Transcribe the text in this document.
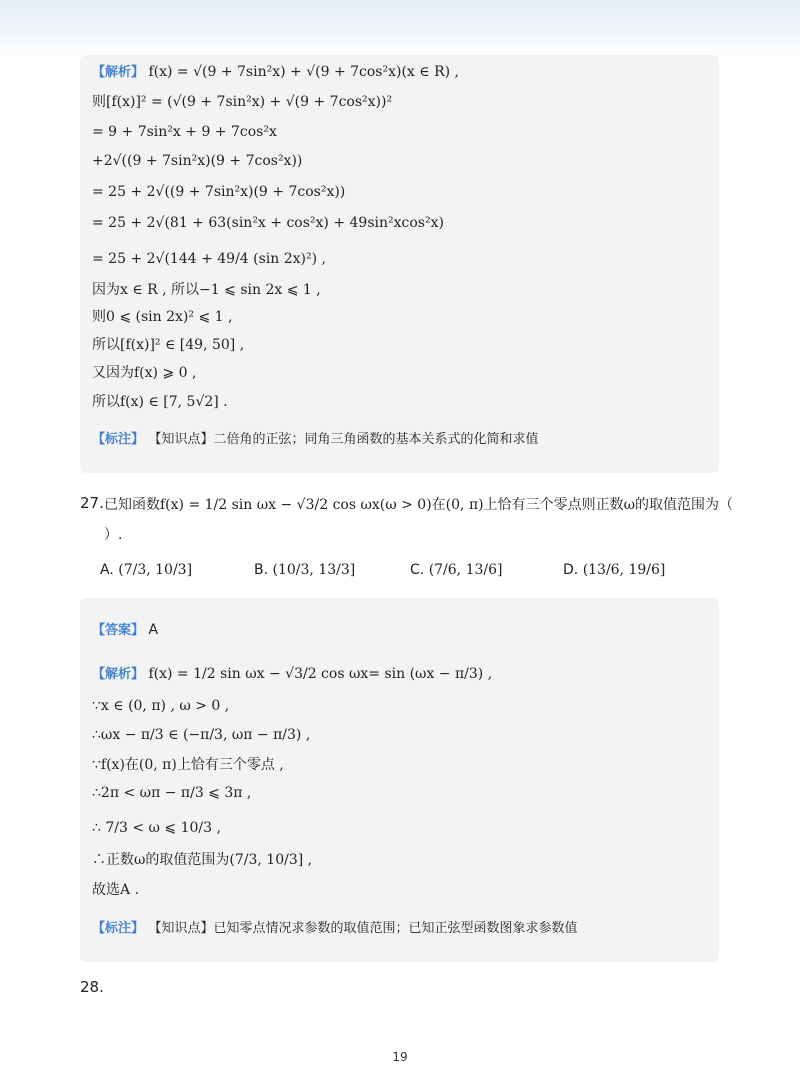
【解析】 f(x) = √(9 + 7sin²x) + √(9 + 7cos²x)(x ∈ R) ,
则[f(x)]² = (√(9 + 7sin²x) + √(9 + 7cos²x))²
= 9 + 7sin²x + 9 + 7cos²x
+2√((9 + 7sin²x)(9 + 7cos²x))
= 25 + 2√((9 + 7sin²x)(9 + 7cos²x))
= 25 + 2√(81 + 63(sin²x + cos²x) + 49sin²xcos²x)
= 25 + 2√(144 + 49/4 (sin 2x)²) ,
因为x ∈ R , 所以−1 ⩽ sin 2x ⩽ 1 ,
则0 ⩽ (sin 2x)² ⩽ 1 ,
所以[f(x)]² ∈ [49, 50] ,
又因为f(x) ⩾ 0 ,
所以f(x) ∈ [7, 5√2] .
【标注】 【知识点】二倍角的正弦；同角三角函数的基本关系式的化简和求值
27. 已知函数f(x) = 1/2 sin ωx − √3/2 cos ωx(ω > 0)在(0, π)上恰有三个零点则正数ω的取值范围为（
）.
A. (7/3, 10/3]	B. (10/3, 13/3]	C. (7/6, 13/6]	D. (13/6, 19/6]
【答案】 A
【解析】 f(x) = 1/2 sin ωx − √3/2 cos ωx= sin (ωx − π/3) ,
∵x ∈ (0, π) , ω > 0 ,
∴ωx − π/3 ∈ (−π/3, ωπ − π/3) ,
∵f(x)在(0, π)上恰有三个零点 ,
∴2π < ωπ − π/3 ⩽ 3π ,
∴ 7/3 < ω ⩽ 10/3 ,
∴正数ω的取值范围为(7/3, 10/3] ,
故选A .
【标注】 【知识点】已知零点情况求参数的取值范围；已知正弦型函数图象求参数值
28.
19
